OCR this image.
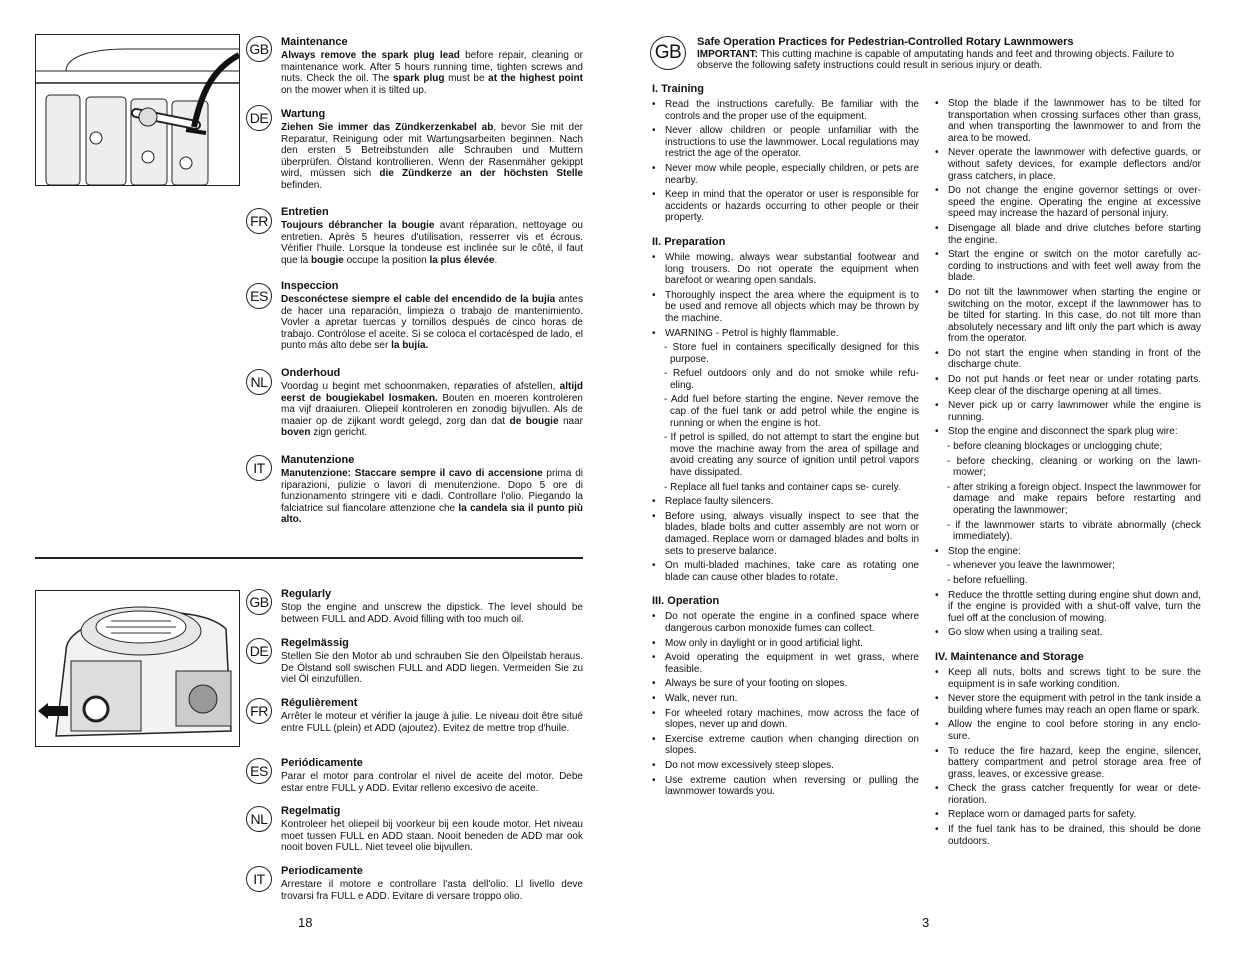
GB	Maintenance

Always remove the spark plug lead before repair, cleaning or maintenance work. After 5 hours running time, tighten screws and nuts. Check the oil. The spark plug must be at the highest point on the mower when it is tilted up.

DE	Wartung

Ziehen Sie immer das Zündkerzenkabel ab, bevor Sie mit der Reparatur, Reinigung oder mit Wartungsarbeiten beginnen. Nach den ersten 5 Betreibstunden alle Schrauben und Muttern überprüfen. Ölstand kontrollieren. Wenn der Rasenmäher gekippt wird, müssen sich die Zündkerze an der höchsten Stelle befinden.

FR
Entretien

Toujours débrancher la bougie avant réparation, nettoyage ou entretien. Après 5 heures d'utilisation, resserrer vis et écrous. Vérifier l'huile. Lorsque la tondeuse est inclinée sur le côté, il faut que la bougie occupe la position la plus élevée.

ES
Inspeccion

Desconéctese siempre el cable del encendido de la bujía antes de hacer una reparación, limpieza o trabajo de mantenimiento. Vovler a apretar tuercas y tornillos después de cinco horas de trabajo. Contrólose el aceite. Si se coloca el cortacésped de lado, el punto más alto debe ser la bujía.

NL
Onderhoud

Voordag u begint met schoonmaken, reparaties of afstellen, altijd eerst de bougiekabel losmaken. Bouten en moeren kontroleren ma vijf draaiuren. Oliepeil kontroleren en zonodig bijvullen. Als de maaier op de zijkant wordt gelegd, zorg dan dat de bougie naar boven zign gericht.

IT	Manutenzione

Manutenzione: Staccare sempre il cavo di accensione prima di riparazioni, pulizie o lavori di menutenzione. Dopo 5 ore di funzionamento stringere viti e dadi. Controllare l'olio. Piegando la falciatrice sul fiancolare attenzione che la candela sia il punto più alto.

GB	Regularly

Stop the engine and unscrew the dipstick. The level should be between FULL and ADD. Avoid filling with too much oil.

DE	Regelmässig

Stellen Sie den Motor ab und schrauben Sie den Ölpeilstab heraus. De Ölstand soll swischen FULL and ADD liegen. Vermeiden Sie zu viel Öl einzufüllen.

FR	Régulièrement

Arrêter le moteur et vérifier la jauge à julie. Le niveau doit être situé entre FULL (plein) et ADD (ajoutez). Evitez de mettre trop d'huile.

ES	Periódicamente

Parar el motor para controlar el nivel de aceite del motor. Debe estar entre FULL y ADD. Evitar relleno excesivo de aceite.

NL	Regelmatig

Kontroleer het oliepeil bij voorkeur bij een koude motor. Het niveau moet tussen FULL en ADD staan. Nooit beneden de ADD mar ook nooit boven FULL. Niet teveel olie bijvullen.

IT	Periodicamente

Arrestare il motore e controllare l'asta dell'olio. Ll livello deve trovarsi fra FULL e ADD. Evitare di versare troppo olio.

18
GB	Safe Operation Practices for Pedestrian-Controlled Rotary Lawnmowers
IMPORTANT: This cutting machine is capable of amputating hands and feet and throwing objects. Failure to observe the following safety instructions could result in serious injury or death.
I. Training
• Read the instructions carefully. Be familiar with the controls and the proper use of the equipment.
• Never allow children or people unfamiliar with the instructions to use the lawnmower. Local regulations may restrict the age of the operator.
• Never mow while people, especially children, or pets are nearby.
• Keep in mind that the operator or user is responsible for accidents or hazards occurring to other people or their property.
II. Preparation
• While mowing, always wear substantial footwear and long trousers. Do not operate the equipment when barefoot or wearing open sandals.
• Thoroughly inspect the area where the equipment is to be used and remove all objects which may be thrown by the machine.
• WARNING - Petrol is highly flammable.
- Store fuel in containers specifically designed for this purpose.
- Refuel outdoors only and do not smoke while refu- eling.
- Add fuel before starting the engine. Never remove the cap of the fuel tank or add petrol while the engine is running or when the engine is hot.
- If petrol is spilled, do not attempt to start the engine but move the machine away from the area of spillage and avoid creating any source of ignition until petrol vapors have dissipated.
- Replace all fuel tanks and container caps se- curely.
• Replace faulty silencers.
• Before using, always visually inspect to see that the blades, blade bolts and cutter assembly are not worn or damaged. Replace worn or damaged blades and bolts in sets to preserve balance.
• On multi-bladed machines, take care as rotating one blade can cause other blades to rotate.
III. Operation
• Do not operate the engine in a confined space where dangerous carbon monoxide fumes can collect.
• Mow only in daylight or in good artificial light.
• Avoid operating the equipment in wet grass, where feasible.
• Always be sure of your footing on slopes.
• Walk, never run.
• For wheeled rotary machines, mow across the face of slopes, never up and down.
• Exercise extreme caution when changing direction on slopes.
• Do not mow excessively steep slopes.
• Use extreme caution when reversing or pulling the lawnmower towards you.
• Stop the blade if the lawnmower has to be tilted for transportation when crossing surfaces other than grass, and when transporting the lawnmower to and from the area to be mowed.
• Never operate the lawnmower with defective guards, or without safety devices, for example deflectors and/or grass catchers, in place.
• Do not change the engine governor settings or over- speed the engine. Operating the engine at excessive speed may increase the hazard of personal injury.
• Disengage all blade and drive clutches before starting the engine.
• Start the engine or switch on the motor carefully ac- cording to instructions and with feet well away from the blade.
• Do not tilt the lawnmower when starting the engine or switching on the motor, except if the lawnmower has to be tilted for starting. In this case, do not tilt more than absolutely necessary and lift only the part which is away from the operator.
• Do not start the engine when standing in front of the discharge chute.
• Do not put hands or feet near or under rotating parts. Keep clear of the discharge opening at all times.
• Never pick up or carry lawnmower while the engine is running.
• Stop the engine and disconnect the spark plug wire:
- before cleaning blockages or unclogging chute;
- before checking, cleaning or working on the lawn- mower;
- after striking a foreign object. Inspect the lawnmower for damage and make repairs before restarting and operating the lawnmower;
- if the lawnmower starts to vibrate abnormally (check immediately).
• Stop the engine:
- whenever you leave the lawnmower;
- before refuelling.
• Reduce the throttle setting during engine shut down and, if the engine is provided with a shut-off valve, turn the fuel off at the conclusion of mowing.
• Go slow when using a trailing seat.
IV. Maintenance and Storage
• Keep all nuts, bolts and screws tight to be sure the equipment is in safe working condition.
• Never store the equipment with petrol in the tank inside a building where fumes may reach an open flame or spark.
• Allow the engine to cool before storing in any enclo- sure.
• To reduce the fire hazard, keep the engine, silencer, battery compartment and petrol storage area free of grass, leaves, or excessive grease.
• Check the grass catcher frequently for wear or dete- rioration.
• Replace worn or damaged parts for safety.
• If the fuel tank has to be drained, this should be done outdoors.
3
